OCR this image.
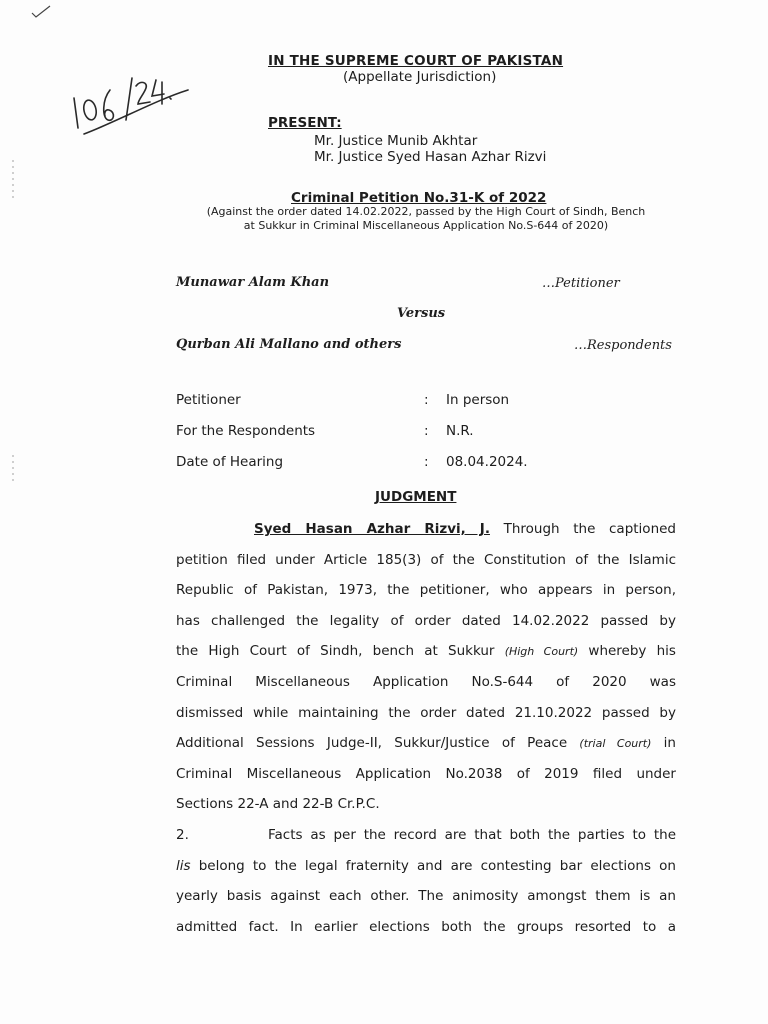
IN THE SUPREME COURT OF PAKISTAN
(Appellate Jurisdiction)
PRESENT:
Mr. Justice Munib Akhtar
Mr. Justice Syed Hasan Azhar Rizvi
Criminal Petition No.31-K of 2022
(Against the order dated 14.02.2022, passed by the High Court of Sindh, Bench
at Sukkur in Criminal Miscellaneous Application No.S-644 of 2020)
Munawar Alam Khan	…Petitioner
Versus
Qurban Ali Mallano and others	…Respondents
Petitioner	: In person
For the Respondents	: N.R.
Date of Hearing	: 08.04.2024.
JUDGMENT
Syed Hasan Azhar Rizvi, J. Through the captioned
petition filed under Article 185(3) of the Constitution of the Islamic
Republic of Pakistan, 1973, the petitioner, who appears in person,
has challenged the legality of order dated 14.02.2022 passed by
the High Court of Sindh, bench at Sukkur (High Court) whereby his
Criminal Miscellaneous Application No.S-644 of 2020 was
dismissed while maintaining the order dated 21.10.2022 passed by
Additional Sessions Judge-II, Sukkur/Justice of Peace (trial Court) in
Criminal Miscellaneous Application No.2038 of 2019 filed under
Sections 22-A and 22-B Cr.P.C.
2.	Facts as per the record are that both the parties to the
lis belong to the legal fraternity and are contesting bar elections on
yearly basis against each other. The animosity amongst them is an
admitted fact. In earlier elections both the groups resorted to a
